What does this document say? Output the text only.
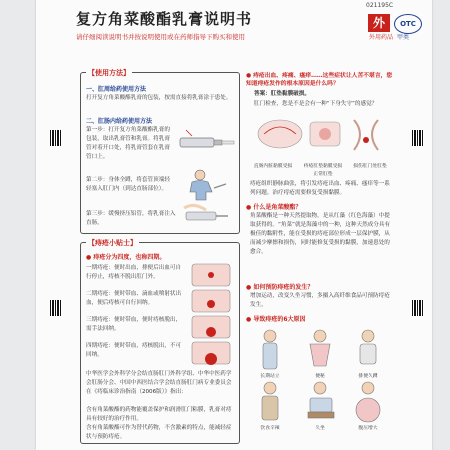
021195C
复方角菜酸酯乳膏说明书
请仔细阅读说明书并按说明使用或在药师指导下购买和使用
外	OTC
外用药品 甲类
【使用方法】
一、肛周给药使用方法
打开复方角菜酸酯乳膏的包装，按需直接将乳膏涂于患处。
二、肛肠内给药使用方法
第一步：打开复方角菜酸酯乳膏的包装，取出乳膏管和乳膏。将乳膏管对着开口处，将乳膏管套在乳膏管口上。
第二步：身体全蹲，将套管顶端轻轻塞入肛门内（到达直肠部位）。
第三步：缓慢挤压铝管，将乳膏注入直肠。
【痔疮小贴士】
● 痔疮分为四度，也称四期。
一期痔疮：便时出血，排便后出血可自行停止，痔核不脱出肛门外。
二期痔疮：便时带血、滴血或喷射状出血，便后痔核可自行回纳。
三期痔疮：便时带血，便时痔核脱出，需手法回纳。
四期痔疮：便时带血，痔核脱出，不可回纳。
中华医学会外科学分会结直肠肛门外科学组、中华中医药学会肛肠分会、中国中西医结合学会结直肠肛门病专业委员会在《痔临床诊治指南（2006版）》指出：
含有角菜酸酯的药物能覆盖保护和润滑肛门粘膜，乳膏对痔具有较好的治疗作用。
含有角菜酸酯可作为替代药物，不含激素的特点，能减轻症状与预防痔疮。
● 痔疮出血、疼痛、瘙痒……这些症状让人苦不堪言，您知道痔疮发作的根本原因是什么吗？
答案：肛垫黏膜破损。
肛门检查，您是不是会有一种“下身失守”的感觉？
直肠内脏黏膜受损	痔疮肛垫黏膜受损	损伤肛门处肛垫
正常肛垫
痔疮组织静脉曲张，将引发痔疮出血、疼痛、瘙痒等一系列问题。治疗痔疮需要修复受损黏膜。
● 什么是角菜酸酯？
角菜酸酯是一种天然提取物，是从红藻（红色海藻）中提取获得的。“角菜”就是海藻中的一种，这种天然成分具有极佳的黏附性，能在受损的痔疮部位形成一层保护膜，从而减少摩擦和损伤，同时能修复受损的黏膜，加速患处的愈合。
● 如何预防痔疮的发生？
增加运动，改变久坐习惯，多摄入高纤维食品可预防痔疮发生。
● 导致痔疮的6大原因
长期站立	便秘	排便久蹲
饮食辛辣	久坐	腹压增大
